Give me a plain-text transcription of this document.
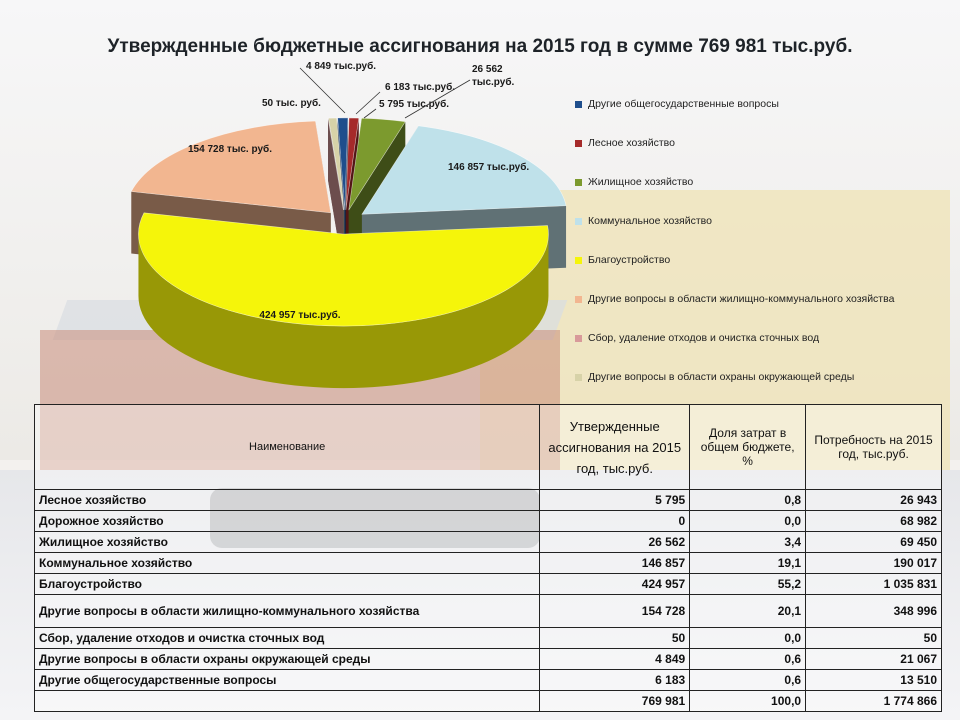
Утвержденные бюджетные ассигнования на 2015 год в сумме 769 981 тыс.руб.
6 183 тыс.руб.
5 795 тыс.руб.
26 562 тыс.руб.
146 857 тыс.руб.
424 957 тыс.руб.
154 728 тыс. руб.
50 тыс. руб.
4 849 тыс.руб.
Другие общегосударственные вопросы
Лесное хозяйство
Жилищное хозяйство
Коммунальное хозяйство
Благоустройство
Другие вопросы в области жилищно-коммунального хозяйства
Сбор, удаление отходов и очистка сточных вод
Другие вопросы в области охраны окружающей среды
Наименование	Утвержденные ассигнования на 2015 год, тыс.руб.	Доля затрат в общем бюджете, %	Потребность на 2015 год, тыс.руб.
Лесное хозяйство	5 795	0,8	26 943
Дорожное хозяйство	0	0,0	68 982
Жилищное хозяйство	26 562	3,4	69 450
Коммунальное хозяйство	146 857	19,1	190 017
Благоустройство	424 957	55,2	1 035 831
Другие вопросы в области жилищно-коммунального хозяйства	154 728	20,1	348 996
Сбор, удаление отходов и очистка сточных вод	50	0,0	50
Другие вопросы в области охраны окружающей среды	4 849	0,6	21 067
Другие общегосударственные вопросы	6 183	0,6	13 510
	769 981	100,0	1 774 866
